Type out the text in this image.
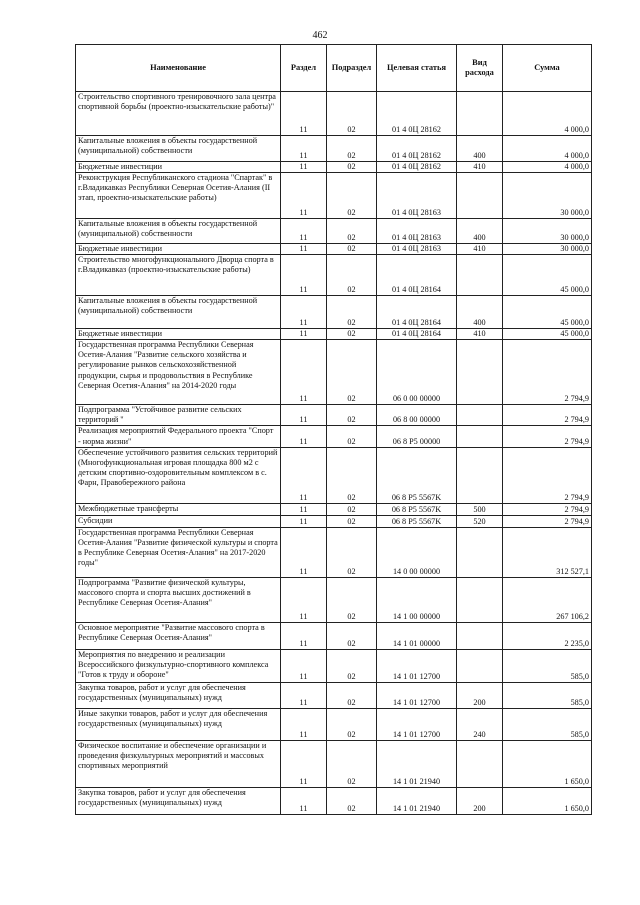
462
Наименование	Раздел	Подраздел	Целевая статья	Вид расхода	Сумма
Строительство спортивного тренировочного зала центра спортивной борьбы (проектно-изыскательские работы)"	11	02	01 4 0Ц 28162		4 000,0
Капитальные вложения в объекты государственной (муниципальной) собственности	11	02	01 4 0Ц 28162	400	4 000,0
Бюджетные инвестиции	11	02	01 4 0Ц 28162	410	4 000,0
Реконструкция Республиканского стадиона "Спартак" в г.Владикавказ Республики Северная Осетия-Алания (II этап, проектно-изыскательские работы)	11	02	01 4 0Ц 28163		30 000,0
Капитальные вложения в объекты государственной (муниципальной) собственности	11	02	01 4 0Ц 28163	400	30 000,0
Бюджетные инвестиции	11	02	01 4 0Ц 28163	410	30 000,0
Строительство многофункционального Дворца спорта в г.Владикавказ (проектно-изыскательские работы)	11	02	01 4 0Ц 28164		45 000,0
Капитальные вложения в объекты государственной (муниципальной) собственности	11	02	01 4 0Ц 28164	400	45 000,0
Бюджетные инвестиции	11	02	01 4 0Ц 28164	410	45 000,0
Государственная программа Республики Северная Осетия-Алания "Развитие сельского хозяйства и регулирование рынков сельскохозяйственной продукции, сырья и продовольствия в Республике Северная Осетия-Алания" на 2014-2020 годы	11	02	06 0 00 00000		2 794,9
Подпрограмма "Устойчивое развитие сельских территорий "	11	02	06 8 00 00000		2 794,9
Реализация мероприятий Федерального проекта "Спорт - норма жизни"	11	02	06 8 P5 00000		2 794,9
Обеспечение устойчивого развития сельских территорий (Многофункциональная игровая площадка 800 м2 с детским спортивно-оздоровительным комплексом в с. Фарн, Правобережного района	11	02	06 8 P5 5567K		2 794,9
Межбюджетные трансферты	11	02	06 8 P5 5567K	500	2 794,9
Субсидии	11	02	06 8 P5 5567K	520	2 794,9
Государственная программа Республики Северная Осетия-Алания "Развитие физической культуры и спорта в Республике Северная Осетия-Алания" на 2017-2020 годы"	11	02	14 0 00 00000		312 527,1
Подпрограмма "Развитие физической культуры, массового спорта и спорта высших достижений в Республике Северная Осетия-Алания"	11	02	14 1 00 00000		267 106,2
Основное мероприятие "Развитие массового спорта в Республике Северная Осетия-Алания"	11	02	14 1 01 00000		2 235,0
Мероприятия по внедрению и реализации Всероссийского физкультурно-спортивного комплекса "Готов к труду и обороне"	11	02	14 1 01 12700		585,0
Закупка товаров, работ и услуг для обеспечения государственных (муниципальных) нужд	11	02	14 1 01 12700	200	585,0
Иные закупки товаров, работ и услуг для обеспечения государственных (муниципальных) нужд	11	02	14 1 01 12700	240	585,0
Физическое воспитание и обеспечение организации и проведения физкультурных мероприятий и массовых спортивных мероприятий	11	02	14 1 01 21940		1 650,0
Закупка товаров, работ и услуг для обеспечения государственных (муниципальных) нужд	11	02	14 1 01 21940	200	1 650,0
